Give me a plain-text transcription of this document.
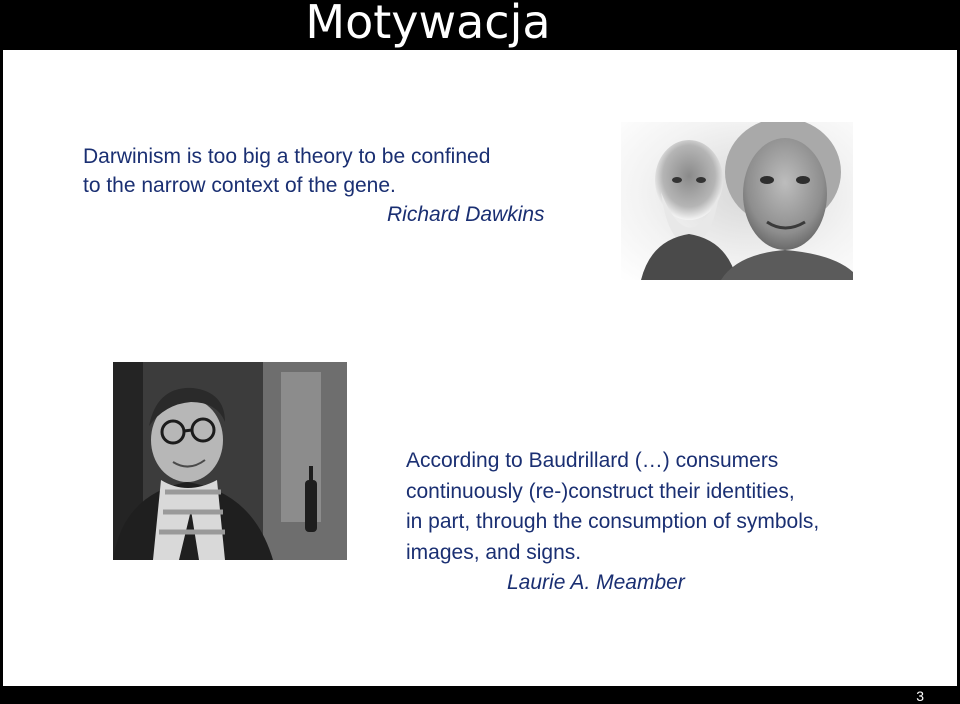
Motywacja
Darwinism is too big a theory to be confined
to the narrow context of the gene.
Richard Dawkins
According to Baudrillard (…) consumers
continuously (re-)construct their identities,
in part, through the consumption of symbols,
images, and signs.
Laurie A. Meamber
3
